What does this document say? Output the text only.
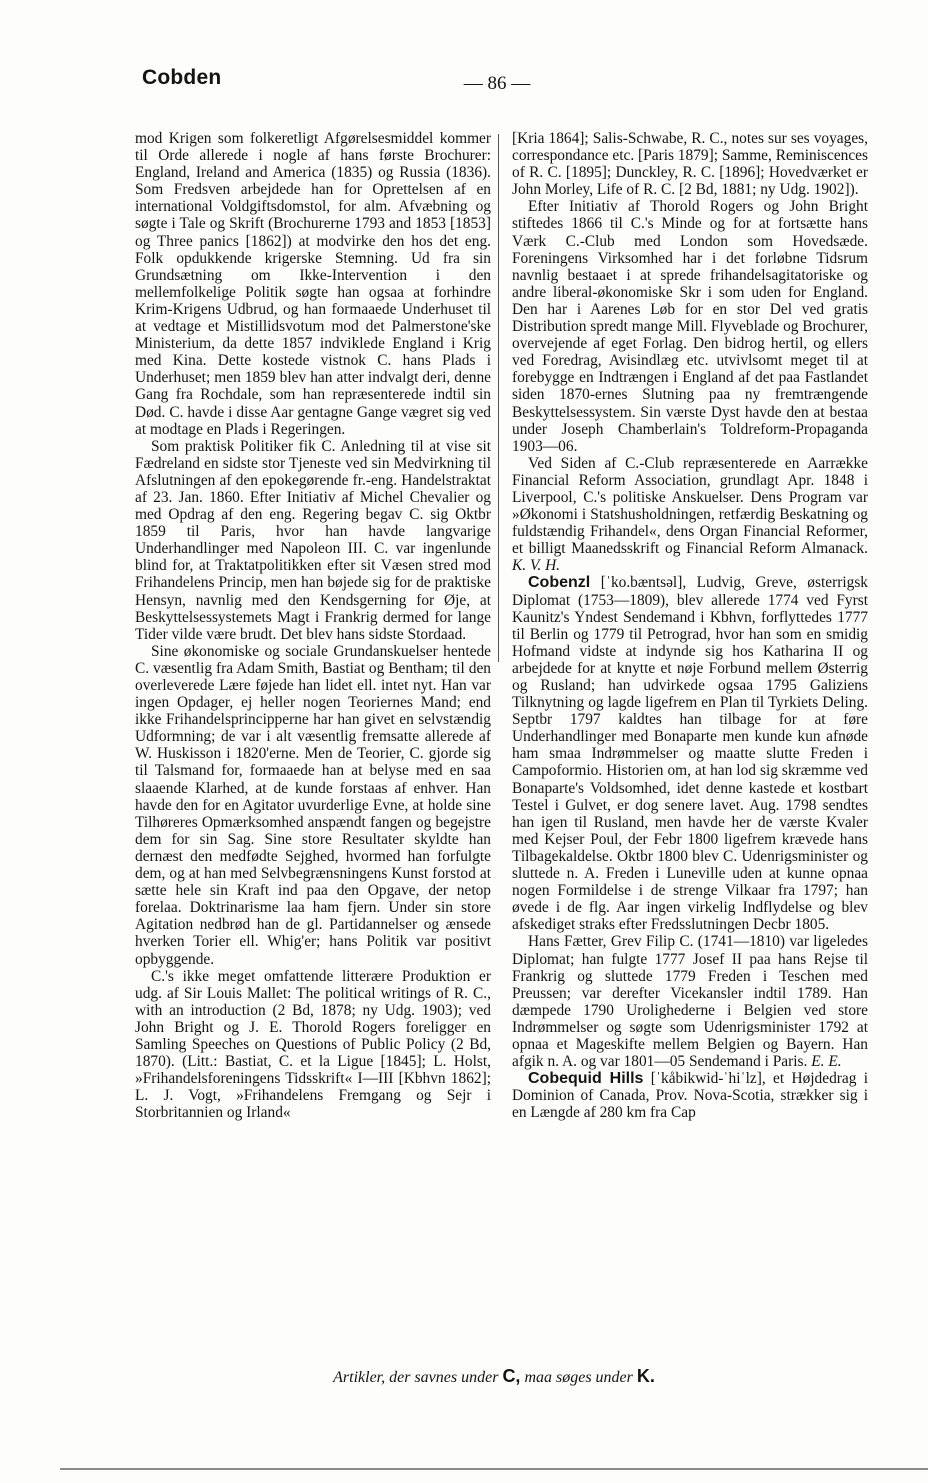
Cobden	— 86 —

mod Krigen som folkeretligt Afgørelsesmiddel kommer til Orde allerede i nogle af hans første Brochurer: England, Ireland and America (1835) og Russia (1836). Som Fredsven arbejdede han for Oprettelsen af en international Voldgiftsdomstol, for alm. Afvæbning og søgte i Tale og Skrift (Brochurerne 1793 and 1853 [1853] og Three panics [1862]) at modvirke den hos det eng. Folk opdukkende krigerske Stemning. Ud fra sin Grundsætning om Ikke-Intervention i den mellemfolkelige Politik søgte han ogsaa at forhindre Krim-Krigens Udbrud, og han formaaede Underhuset til at vedtage et Mistillidsvotum mod det Palmerstone'ske Ministerium, da dette 1857 indviklede England i Krig med Kina. Dette kostede vistnok C. hans Plads i Underhuset; men 1859 blev han atter indvalgt deri, denne Gang fra Rochdale, som han repræsenterede indtil sin Død. C. havde i disse Aar gentagne Gange vægret sig ved at modtage en Plads i Regeringen.

Som praktisk Politiker fik C. Anledning til at vise sit Fædreland en sidste stor Tjeneste ved sin Medvirkning til Afslutningen af den epokegørende fr.-eng. Handelstraktat af 23. Jan. 1860. Efter Initiativ af Michel Chevalier og med Opdrag af den eng. Regering begav C. sig Oktbr 1859 til Paris, hvor han havde langvarige Underhandlinger med Napoleon III. C. var ingenlunde blind for, at Traktatpolitikken efter sit Væsen stred mod Frihandelens Princip, men han bøjede sig for de praktiske Hensyn, navnlig med den Kendsgerning for Øje, at Beskyttelsessystemets Magt i Frankrig dermed for lange Tider vilde være brudt. Det blev hans sidste Stordaad.

Sine økonomiske og sociale Grundanskuelser hentede C. væsentlig fra Adam Smith, Bastiat og Bentham; til den overleverede Lære føjede han lidet ell. intet nyt. Han var ingen Opdager, ej heller nogen Teoriernes Mand; end ikke Frihandelsprincipperne har han givet en selvstændig Udformning; de var i alt væsentlig fremsatte allerede af W. Huskisson i 1820'erne. Men de Teorier, C. gjorde sig til Talsmand for, formaaede han at belyse med en saa slaaende Klarhed, at de kunde forstaas af enhver. Han havde den for en Agitator uvurderlige Evne, at holde sine Tilhøreres Opmærksomhed anspændt fangen og begejstre dem for sin Sag. Sine store Resultater skyldte han dernæst den medfødte Sejghed, hvormed han forfulgte dem, og at han med Selvbegrænsningens Kunst forstod at sætte hele sin Kraft ind paa den Opgave, der netop forelaa. Doktrinarisme laa ham fjern. Under sin store Agitation nedbrød han de gl. Partidannelser og ænsede hverken Torier ell. Whig'er; hans Politik var positivt opbyggende.

C.'s ikke meget omfattende litterære Produktion er udg. af Sir Louis Mallet: The political writings of R. C., with an introduction (2 Bd, 1878; ny Udg. 1903); ved John Bright og J. E. Thorold Rogers foreligger en Samling Speeches on Questions of Public Policy (2 Bd, 1870). (Litt.: Bastiat, C. et la Ligue [1845]; L. Holst, »Frihandelsforeningens Tidsskrift« I—III [Kbhvn 1862]; L. J. Vogt, »Frihandelens Fremgang og Sejr i Storbritannien og Irland«

[Kria 1864]; Salis-Schwabe, R. C., notes sur ses voyages, correspondance etc. [Paris 1879]; Samme, Reminiscences of R. C. [1895]; Dunckley, R. C. [1896]; Hovedværket er John Morley, Life of R. C. [2 Bd, 1881; ny Udg. 1902]).

Efter Initiativ af Thorold Rogers og John Bright stiftedes 1866 til C.'s Minde og for at fortsætte hans Værk C.-Club med London som Hovedsæde. Foreningens Virksomhed har i det forløbne Tidsrum navnlig bestaaet i at sprede frihandelsagitatoriske og andre liberal-økonomiske Skr i som uden for England. Den har i Aarenes Løb for en stor Del ved gratis Distribution spredt mange Mill. Flyveblade og Brochurer, overvejende af eget Forlag. Den bidrog hertil, og ellers ved Foredrag, Avisindlæg etc. utvivlsomt meget til at forebygge en Indtrængen i England af det paa Fastlandet siden 1870-ernes Slutning paa ny fremtrængende Beskyttelsessystem. Sin værste Dyst havde den at bestaa under Joseph Chamberlain's Toldreform-Propaganda 1903—06.

Ved Siden af C.-Club repræsenterede en Aarrække Financial Reform Association, grundlagt Apr. 1848 i Liverpool, C.'s politiske Anskuelser. Dens Program var »Økonomi i Statshusholdningen, retfærdig Beskatning og fuldstændig Frihandel«, dens Organ Financial Reformer, et billigt Maanedsskrift og Financial Reform Almanack. K. V. H.

Cobenzl [ˈko.bæntsəl], Ludvig, Greve, østerrigsk Diplomat (1753—1809), blev allerede 1774 ved Fyrst Kaunitz's Yndest Sendemand i Kbhvn, forflyttedes 1777 til Berlin og 1779 til Petrograd, hvor han som en smidig Hofmand vidste at indynde sig hos Katharina II og arbejdede for at knytte et nøje Forbund mellem Østerrig og Rusland; han udvirkede ogsaa 1795 Galiziens Tilknytning og lagde ligefrem en Plan til Tyrkiets Deling. Septbr 1797 kaldtes han tilbage for at føre Underhandlinger med Bonaparte men kunde kun afnøde ham smaa Indrømmelser og maatte slutte Freden i Campoformio. Historien om, at han lod sig skræmme ved Bonaparte's Voldsomhed, idet denne kastede et kostbart Testel i Gulvet, er dog senere lavet. Aug. 1798 sendtes han igen til Rusland, men havde her de værste Kvaler med Kejser Poul, der Febr 1800 ligefrem krævede hans Tilbagekaldelse. Oktbr 1800 blev C. Udenrigsminister og sluttede n. A. Freden i Luneville uden at kunne opnaa nogen Formildelse i de strenge Vilkaar fra 1797; han øvede i de flg. Aar ingen virkelig Indflydelse og blev afskediget straks efter Fredsslutningen Decbr 1805.

Hans Fætter, Grev Filip C. (1741—1810) var ligeledes Diplomat; han fulgte 1777 Josef II paa hans Rejse til Frankrig og sluttede 1779 Freden i Teschen med Preussen; var derefter Vicekansler indtil 1789. Han dæmpede 1790 Urolighederne i Belgien ved store Indrømmelser og søgte som Udenrigsminister 1792 at opnaa et Mageskifte mellem Belgien og Bayern. Han afgik n. A. og var 1801—05 Sendemand i Paris. E. E.

Cobequid Hills [ˈkåbikwid-ˈhiˈlz], et Højdedrag i Dominion of Canada, Prov. Nova-Scotia, strækker sig i en Længde af 280 km fra Cap

Artikler, der savnes under C, maa søges under K.
